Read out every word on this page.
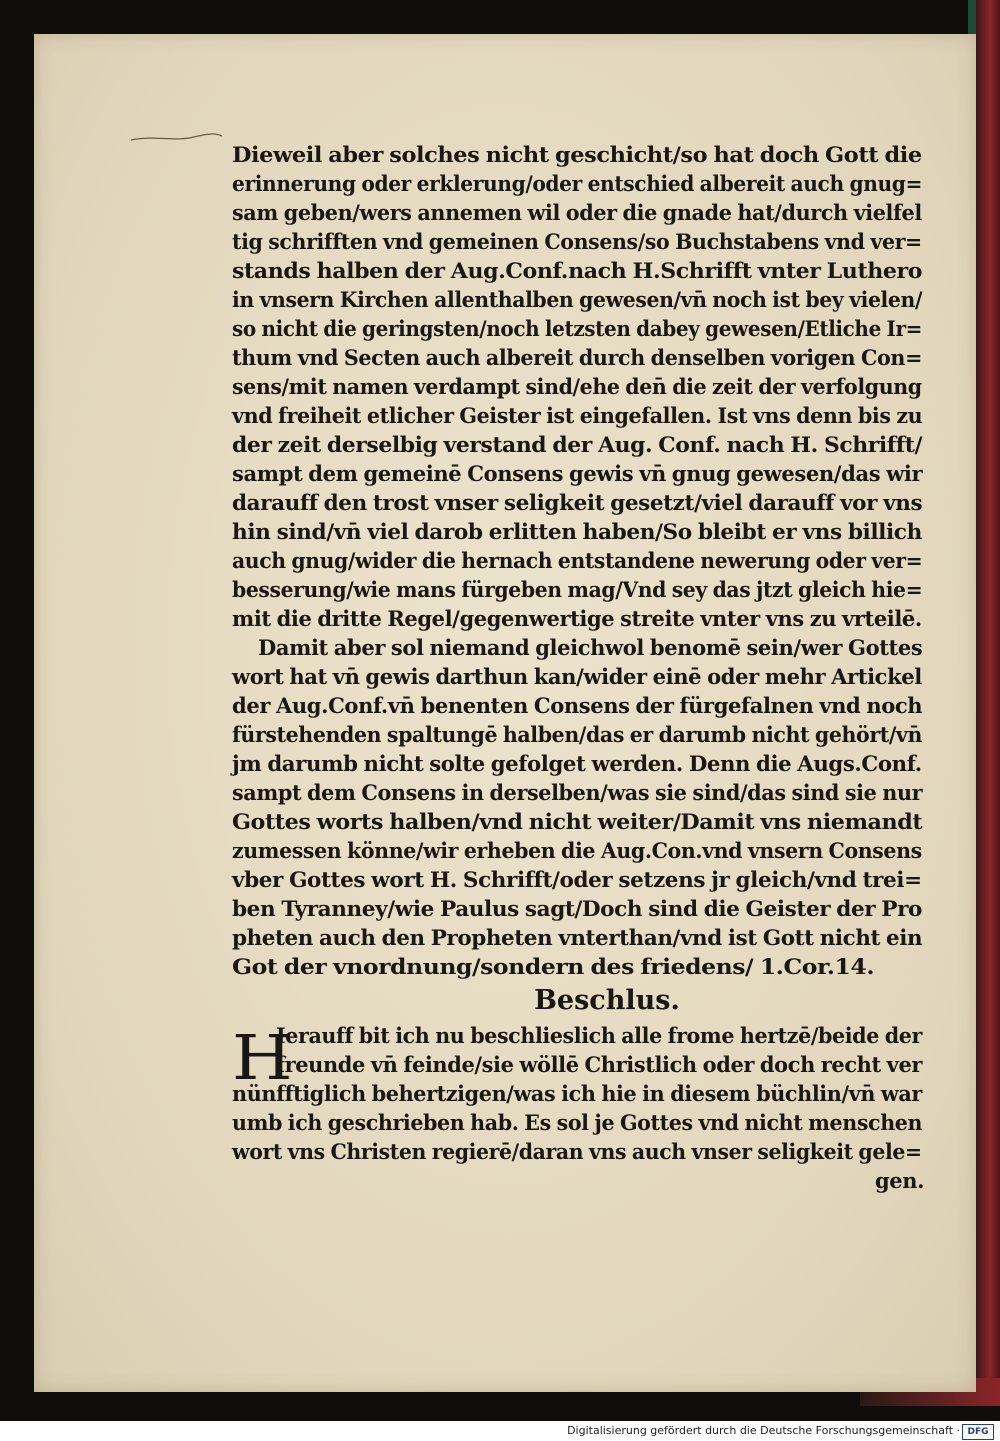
Dieweil aber solches nicht geschicht/so hat doch Gott die
erinnerung oder erklerung/oder entschied albereit auch gnug=
sam geben/wers annemen wil oder die gnade hat/durch vielfel
tig schrifften vnd gemeinen Consens/so Buchstabens vnd ver=
stands halben der Aug.Conf.nach H.Schrifft vnter Luthero
in vnsern Kirchen allenthalben gewesen/vn̄ noch ist bey vielen/
so nicht die geringsten/noch letzsten dabey gewesen/Etliche Ir=
thum vnd Secten auch albereit durch denselben vorigen Con=
sens/mit namen verdampt sind/ehe den̄ die zeit der verfolgung
vnd freiheit etlicher Geister ist eingefallen. Ist vns denn bis zu
der zeit derselbig verstand der Aug. Conf. nach H. Schrifft/
sampt dem gemeinē Consens gewis vn̄ gnug gewesen/das wir
darauff den trost vnser seligkeit gesetzt/viel darauff vor vns
hin sind/vn̄ viel darob erlitten haben/So bleibt er vns billich
auch gnug/wider die hernach entstandene newerung oder ver=
besserung/wie mans fürgeben mag/Vnd sey das jtzt gleich hie=
mit die dritte Regel/gegenwertige streite vnter vns zu vrteilē.
Damit aber sol niemand gleichwol benomē sein/wer Gottes
wort hat vn̄ gewis darthun kan/wider einē oder mehr Artickel
der Aug.Conf.vn̄ benenten Consens der fürgefalnen vnd noch
fürstehenden spaltungē halben/das er darumb nicht gehört/vn̄
jm darumb nicht solte gefolget werden. Denn die Augs.Conf.
sampt dem Consens in derselben/was sie sind/das sind sie nur
Gottes worts halben/vnd nicht weiter/Damit vns niemandt
zumessen könne/wir erheben die Aug.Con.vnd vnsern Consens
vber Gottes wort H. Schrifft/oder setzens jr gleich/vnd trei=
ben Tyranney/wie Paulus sagt/Doch sind die Geister der Pro
pheten auch den Propheten vnterthan/vnd ist Gott nicht ein
Got der vnordnung/sondern des friedens/ 1.Cor.14.
Beschlus.
H
Ierauff bit ich nu beschlieslich alle frome hertzē/beide der
freunde vn̄ feinde/sie wöllē Christlich oder doch recht ver
nünfftiglich behertzigen/was ich hie in diesem büchlin/vn̄ war
umb ich geschrieben hab. Es sol je Gottes vnd nicht menschen
wort vns Christen regierē/daran vns auch vnser seligkeit gele=
gen.
Digitalisierung gefördert durch die Deutsche Forschungsgemeinschaft · DFG
